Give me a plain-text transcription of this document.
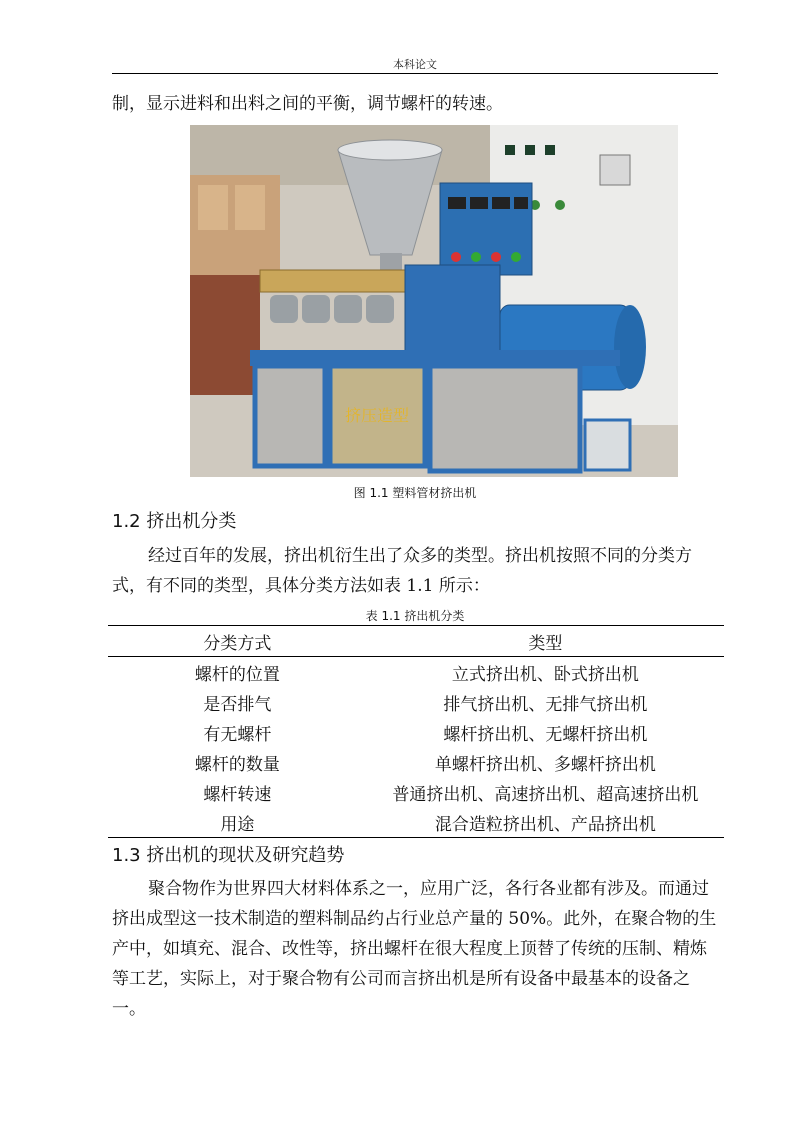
本科论文

制，显示进料和出料之间的平衡，调节螺杆的转速。

挤压造型
图 1.1 塑料管材挤出机
1.2 挤出机分类

经过百年的发展，挤出机衍生出了众多的类型。挤出机按照不同的分类方式，有不同的类型，具体分类方法如表 1.1 所示：

表 1.1 挤出机分类
分类方式	类型
螺杆的位置	立式挤出机、卧式挤出机
是否排气	排气挤出机、无排气挤出机
有无螺杆	螺杆挤出机、无螺杆挤出机
螺杆的数量	单螺杆挤出机、多螺杆挤出机
螺杆转速	普通挤出机、高速挤出机、超高速挤出机
用途	混合造粒挤出机、产品挤出机
1.3 挤出机的现状及研究趋势

聚合物作为世界四大材料体系之一，应用广泛，各行各业都有涉及。而通过挤出成型这一技术制造的塑料制品约占行业总产量的 50%。此外，在聚合物的生产中，如填充、混合、改性等，挤出螺杆在很大程度上顶替了传统的压制、精炼等工艺，实际上，对于聚合物有公司而言挤出机是所有设备中最基本的设备之一。
